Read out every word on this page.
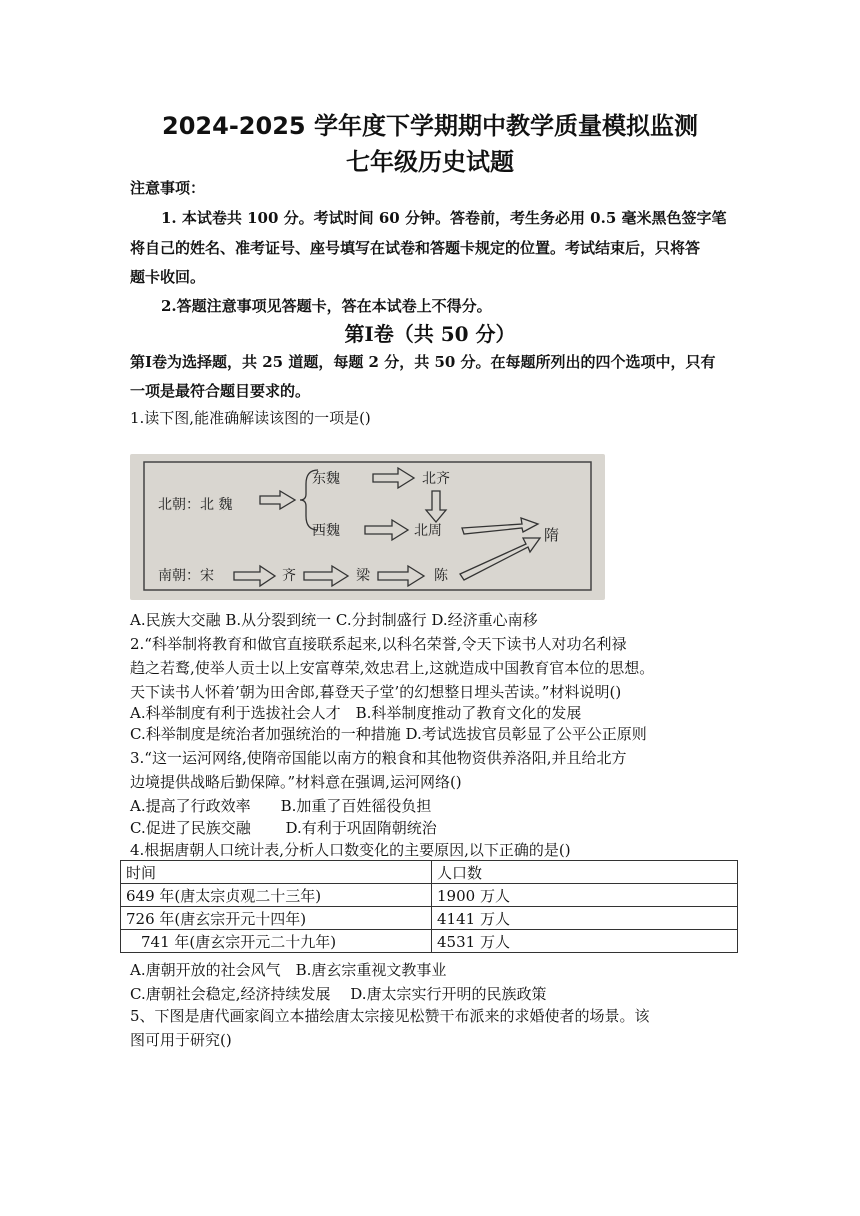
2024-2025 学年度下学期期中教学质量模拟监测
七年级历史试题
注意事项：
1. 本试卷共 100 分。考试时间 60 分钟。答卷前，考生务必用 0.5 毫米黑色签字笔
将自己的姓名、准考证号、座号填写在试卷和答题卡规定的位置。考试结束后，只将答
题卡收回。
2.答题注意事项见答题卡，答在本试卷上不得分。
第Ⅰ卷（共 50 分）
第Ⅰ卷为选择题，共 25 道题，每题 2 分，共 50 分。在每题所列出的四个选项中，只有
一项是最符合题目要求的。
1.读下图,能准确解读该图的一项是()
北朝：北 魏
东魏	北齐
西魏	北周	隋
南朝：宋	齐	梁	陈
A.民族大交融 B.从分裂到统一 C.分封制盛行 D.经济重心南移
2.“科举制将教育和做官直接联系起来,以科名荣誉,令天下读书人对功名利禄
趋之若鹜,使举人贡士以上安富尊荣,效忠君上,这就造成中国教育官本位的思想。
天下读书人怀着’朝为田舍郎,暮登天子堂’的幻想整日埋头苦读。”材料说明()
A.科举制度有利于选拔社会人才　B.科举制度推动了教育文化的发展
C.科举制度是统治者加强统治的一种措施 D.考试选拔官员彰显了公平公正原则
3.“这一运河网络,使隋帝国能以南方的粮食和其他物资供养洛阳,并且给北方
边境提供战略后勤保障。”材料意在强调,运河网络()
A.提高了行政效率　　B.加重了百姓徭役负担
C.促进了民族交融　　 D.有利于巩固隋朝统治
4.根据唐朝人口统计表,分析人口数变化的主要原因,以下正确的是()
时间	人口数
649 年(唐太宗贞观二十三年)	1900 万人
726 年(唐玄宗开元十四年)	4141 万人
741 年(唐玄宗开元二十九年)	4531 万人
A.唐朝开放的社会风气　B.唐玄宗重视文教事业
C.唐朝社会稳定,经济持续发展　 D.唐太宗实行开明的民族政策
5、下图是唐代画家阎立本描绘唐太宗接见松赞干布派来的求婚使者的场景。该
图可用于研究()
